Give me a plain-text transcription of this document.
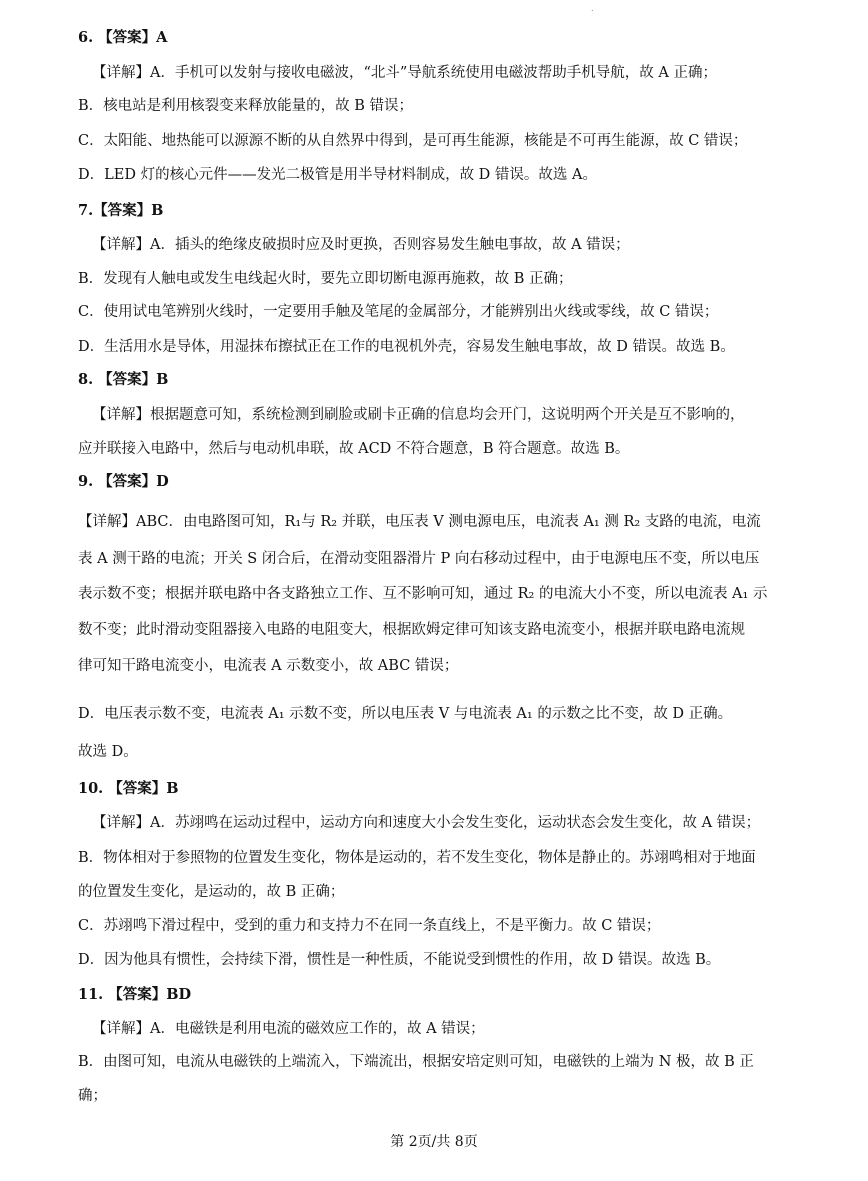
.
6. 【答案】A
【详解】A．手机可以发射与接收电磁波，“北斗”导航系统使用电磁波帮助手机导航，故 A 正确；
B．核电站是利用核裂变来释放能量的，故 B 错误；
C．太阳能、地热能可以源源不断的从自然界中得到，是可再生能源，核能是不可再生能源，故 C 错误；
D．LED 灯的核心元件——发光二极管是用半导材料制成，故 D 错误。故选 A。
7.【答案】B
【详解】A．插头的绝缘皮破损时应及时更换，否则容易发生触电事故，故 A 错误；
B．发现有人触电或发生电线起火时，要先立即切断电源再施救，故 B 正确；
C．使用试电笔辨别火线时，一定要用手触及笔尾的金属部分，才能辨别出火线或零线，故 C 错误；
D．生活用水是导体，用湿抹布擦拭正在工作的电视机外壳，容易发生触电事故，故 D 错误。故选 B。
8. 【答案】B
【详解】根据题意可知，系统检测到刷脸或刷卡正确的信息均会开门，这说明两个开关是互不影响的，
应并联接入电路中，然后与电动机串联，故 ACD 不符合题意，B 符合题意。故选 B。
9. 【答案】D
【详解】ABC．由电路图可知，R₁与 R₂ 并联，电压表 V 测电源电压，电流表 A₁ 测 R₂ 支路的电流，电流
表 A 测干路的电流；开关 S 闭合后，在滑动变阻器滑片 P 向右移动过程中，由于电源电压不变，所以电压
表示数不变；根据并联电路中各支路独立工作、互不影响可知，通过 R₂ 的电流大小不变，所以电流表 A₁ 示
数不变；此时滑动变阻器接入电路的电阻变大，根据欧姆定律可知该支路电流变小，根据并联电路电流规
律可知干路电流变小，电流表 A 示数变小，故 ABC 错误；
D．电压表示数不变，电流表 A₁ 示数不变，所以电压表 V 与电流表 A₁ 的示数之比不变，故 D 正确。
故选 D。
10. 【答案】B
【详解】A．苏翊鸣在运动过程中，运动方向和速度大小会发生变化，运动状态会发生变化，故 A 错误；
B．物体相对于参照物的位置发生变化，物体是运动的，若不发生变化，物体是静止的。苏翊鸣相对于地面
的位置发生变化，是运动的，故 B 正确；
C．苏翊鸣下滑过程中，受到的重力和支持力不在同一条直线上，不是平衡力。故 C 错误；
D．因为他具有惯性，会持续下滑，惯性是一种性质，不能说受到惯性的作用，故 D 错误。故选 B。
11. 【答案】BD
【详解】A．电磁铁是利用电流的磁效应工作的，故 A 错误；
B．由图可知，电流从电磁铁的上端流入，下端流出，根据安培定则可知，电磁铁的上端为 N 极，故 B 正
确；
第 2页/共 8页
